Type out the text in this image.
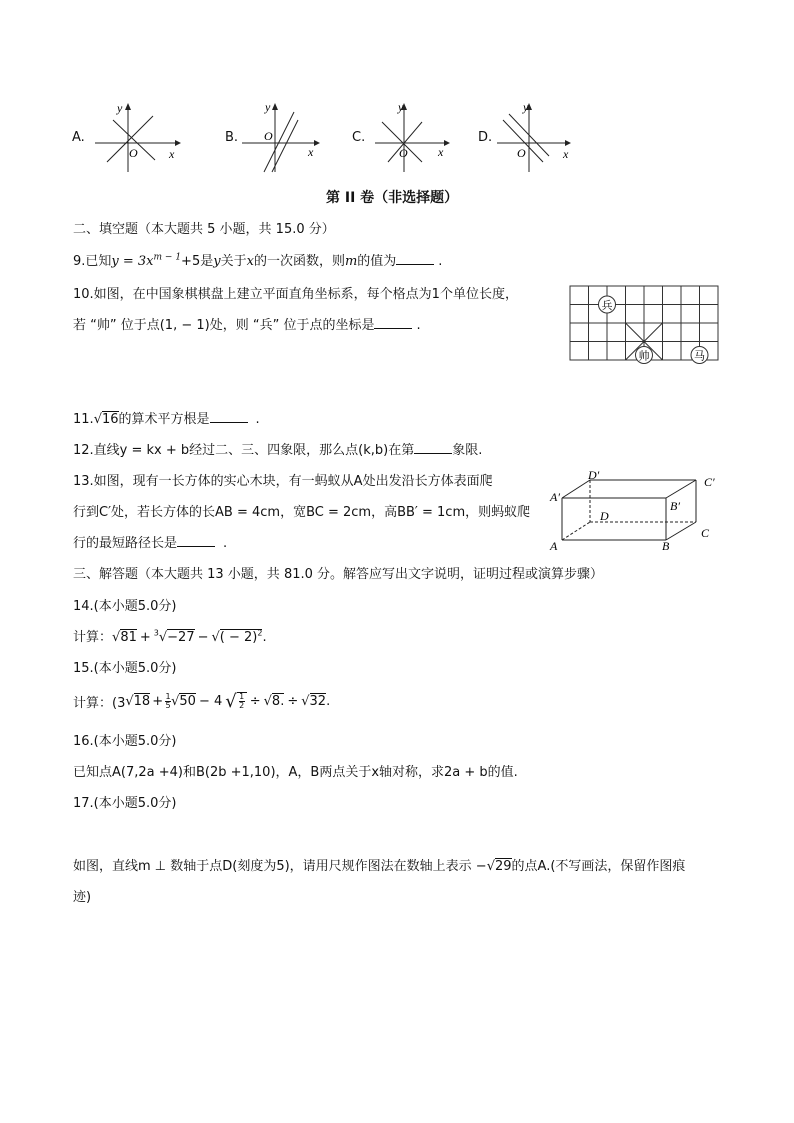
A.	B.	C.	D.
y
x
O
y
x
O
y
x
O
y
x
O
第 II 卷（非选择题）
二、填空题（本大题共 5 小题，共 15.0 分）
9.已知$y = 3x^{m - 1}+5$是y关于x的一次函数，则m的值为	.
10.如图，在中国象棋棋盘上建立平面直角坐标系，每个格点为1个单位长度，
若 “帅” 位于点(1, − 1)处，则 “兵” 位于点的坐标是	.
兵
帅	马
11.√16的算术平方根是	.
12.直线y = kx + b经过二、三、四象限，那么点(k,b)在第	象限.
13.如图，现有一长方体的实心木块，有一蚂蚁从A处出发沿长方体表面爬
行到C′处，若长方体的长AB = 4cm，宽BC = 2cm，高BB′ = 1cm，则蚂蚁爬
行的最短路径长是	.	A	B
C
D
A′
B′
C′
D′
三、解答题（本大题共 13 小题，共 81.0 分。解答应写出文字说明，证明过程或演算步骤）
14.(本小题5.0分)
计算：√81 + $^3$√−27 − √( − 2)$^2$.
15.(本小题5.0分)
计算：(3 √ $18 + \frac{1}{5}$ √ 50 − 4 √ $\frac{1}{2}$ ÷ √ 8. ÷ √ 32 .
16.(本小题5.0分)
已知点A(7,2a +4)和B(2b +1,10)，A，B两点关于x轴对称，求2a + b的值.
17.(本小题5.0分)
如图，直线m ⊥ 数轴于点D(刻度为5)，请用尺规作图法在数轴上表示 −√29的点A.(不写画法，保留作图痕
迹)
